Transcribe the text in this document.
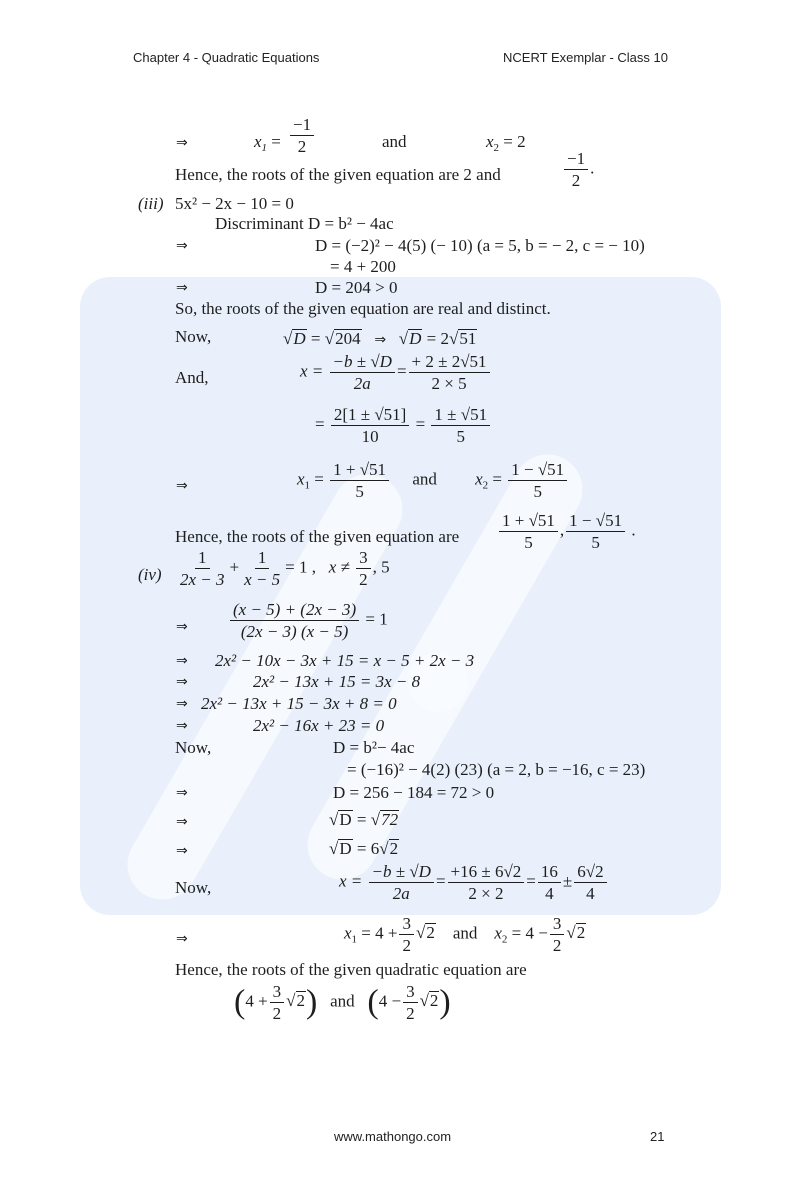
Chapter 4 - Quadratic Equations	NCERT Exemplar - Class 10
⇒	$x_1 = \frac{-1}{2}$	and	$x_2 = 2$
Hence, the roots of the given equation are 2 and	$\frac{-1}{2}$ .
(iii) 5x² − 2x − 10 = 0
Discriminant D = b² − 4ac
⇒	D = (−2)² − 4(5) (− 10) (a = 5, b = − 2, c = − 10)
= 4 + 200
⇒	D = 204 > 0
So, the roots of the given equation are real and distinct.
Now,	√D = √204 ⇒ √D = 2√51
And,	$x = \frac{-b \pm √D}{2a} = \frac{+ 2 \pm 2√51}{2 \times 5}$
= $\frac{2[1 \pm √51]}{10} = \frac{1 \pm √51}{5}$
⇒	$x_1 = \frac{1 + √51}{5}$ and $x_2 = \frac{1 - √51}{5}$
Hence, the roots of the given equation are $\frac{1 + √51}{5}$ , $\frac{1 - √51}{5}$ .
$(iv) \frac{1}{2x - 3} + \frac{1}{x - 5} = 1$ , $x \ne \frac{3}{2}$ , 5
⇒ $\frac{(x - 5) + (2x - 3)}{(2x - 3) (x - 5)} = 1$
⇒ 2x² − 10x − 3x + 15 = x − 5 + 2x − 3
⇒	2x² − 13x + 15 = 3x − 8
⇒ 2x² − 13x + 15 − 3x + 8 = 0
⇒	2x² − 16x + 23 = 0
Now,	D = b²− 4ac
= (−16)² − 4(2) (23) (a = 2, b = −16, c = 23)
⇒	D = 256 − 184 = 72 > 0
⇒	√D = √72
⇒	√D = 6√2
Now,	$x = \frac{-b \pm √D}{2a} = \frac{+16 \pm 6√2}{2 \times 2} = \frac{16}{4} \pm \frac{6√2}{4}$
⇒	$x_1 = 4 + \frac{3}{2} √2$ and $x_2 = 4 - \frac{3}{2} √2$
Hence, the roots of the given quadratic equation are
$(4 + \frac{3}{2} √2)$ and $(4 - \frac{3}{2} √2)$
www.mathongo.com	21
